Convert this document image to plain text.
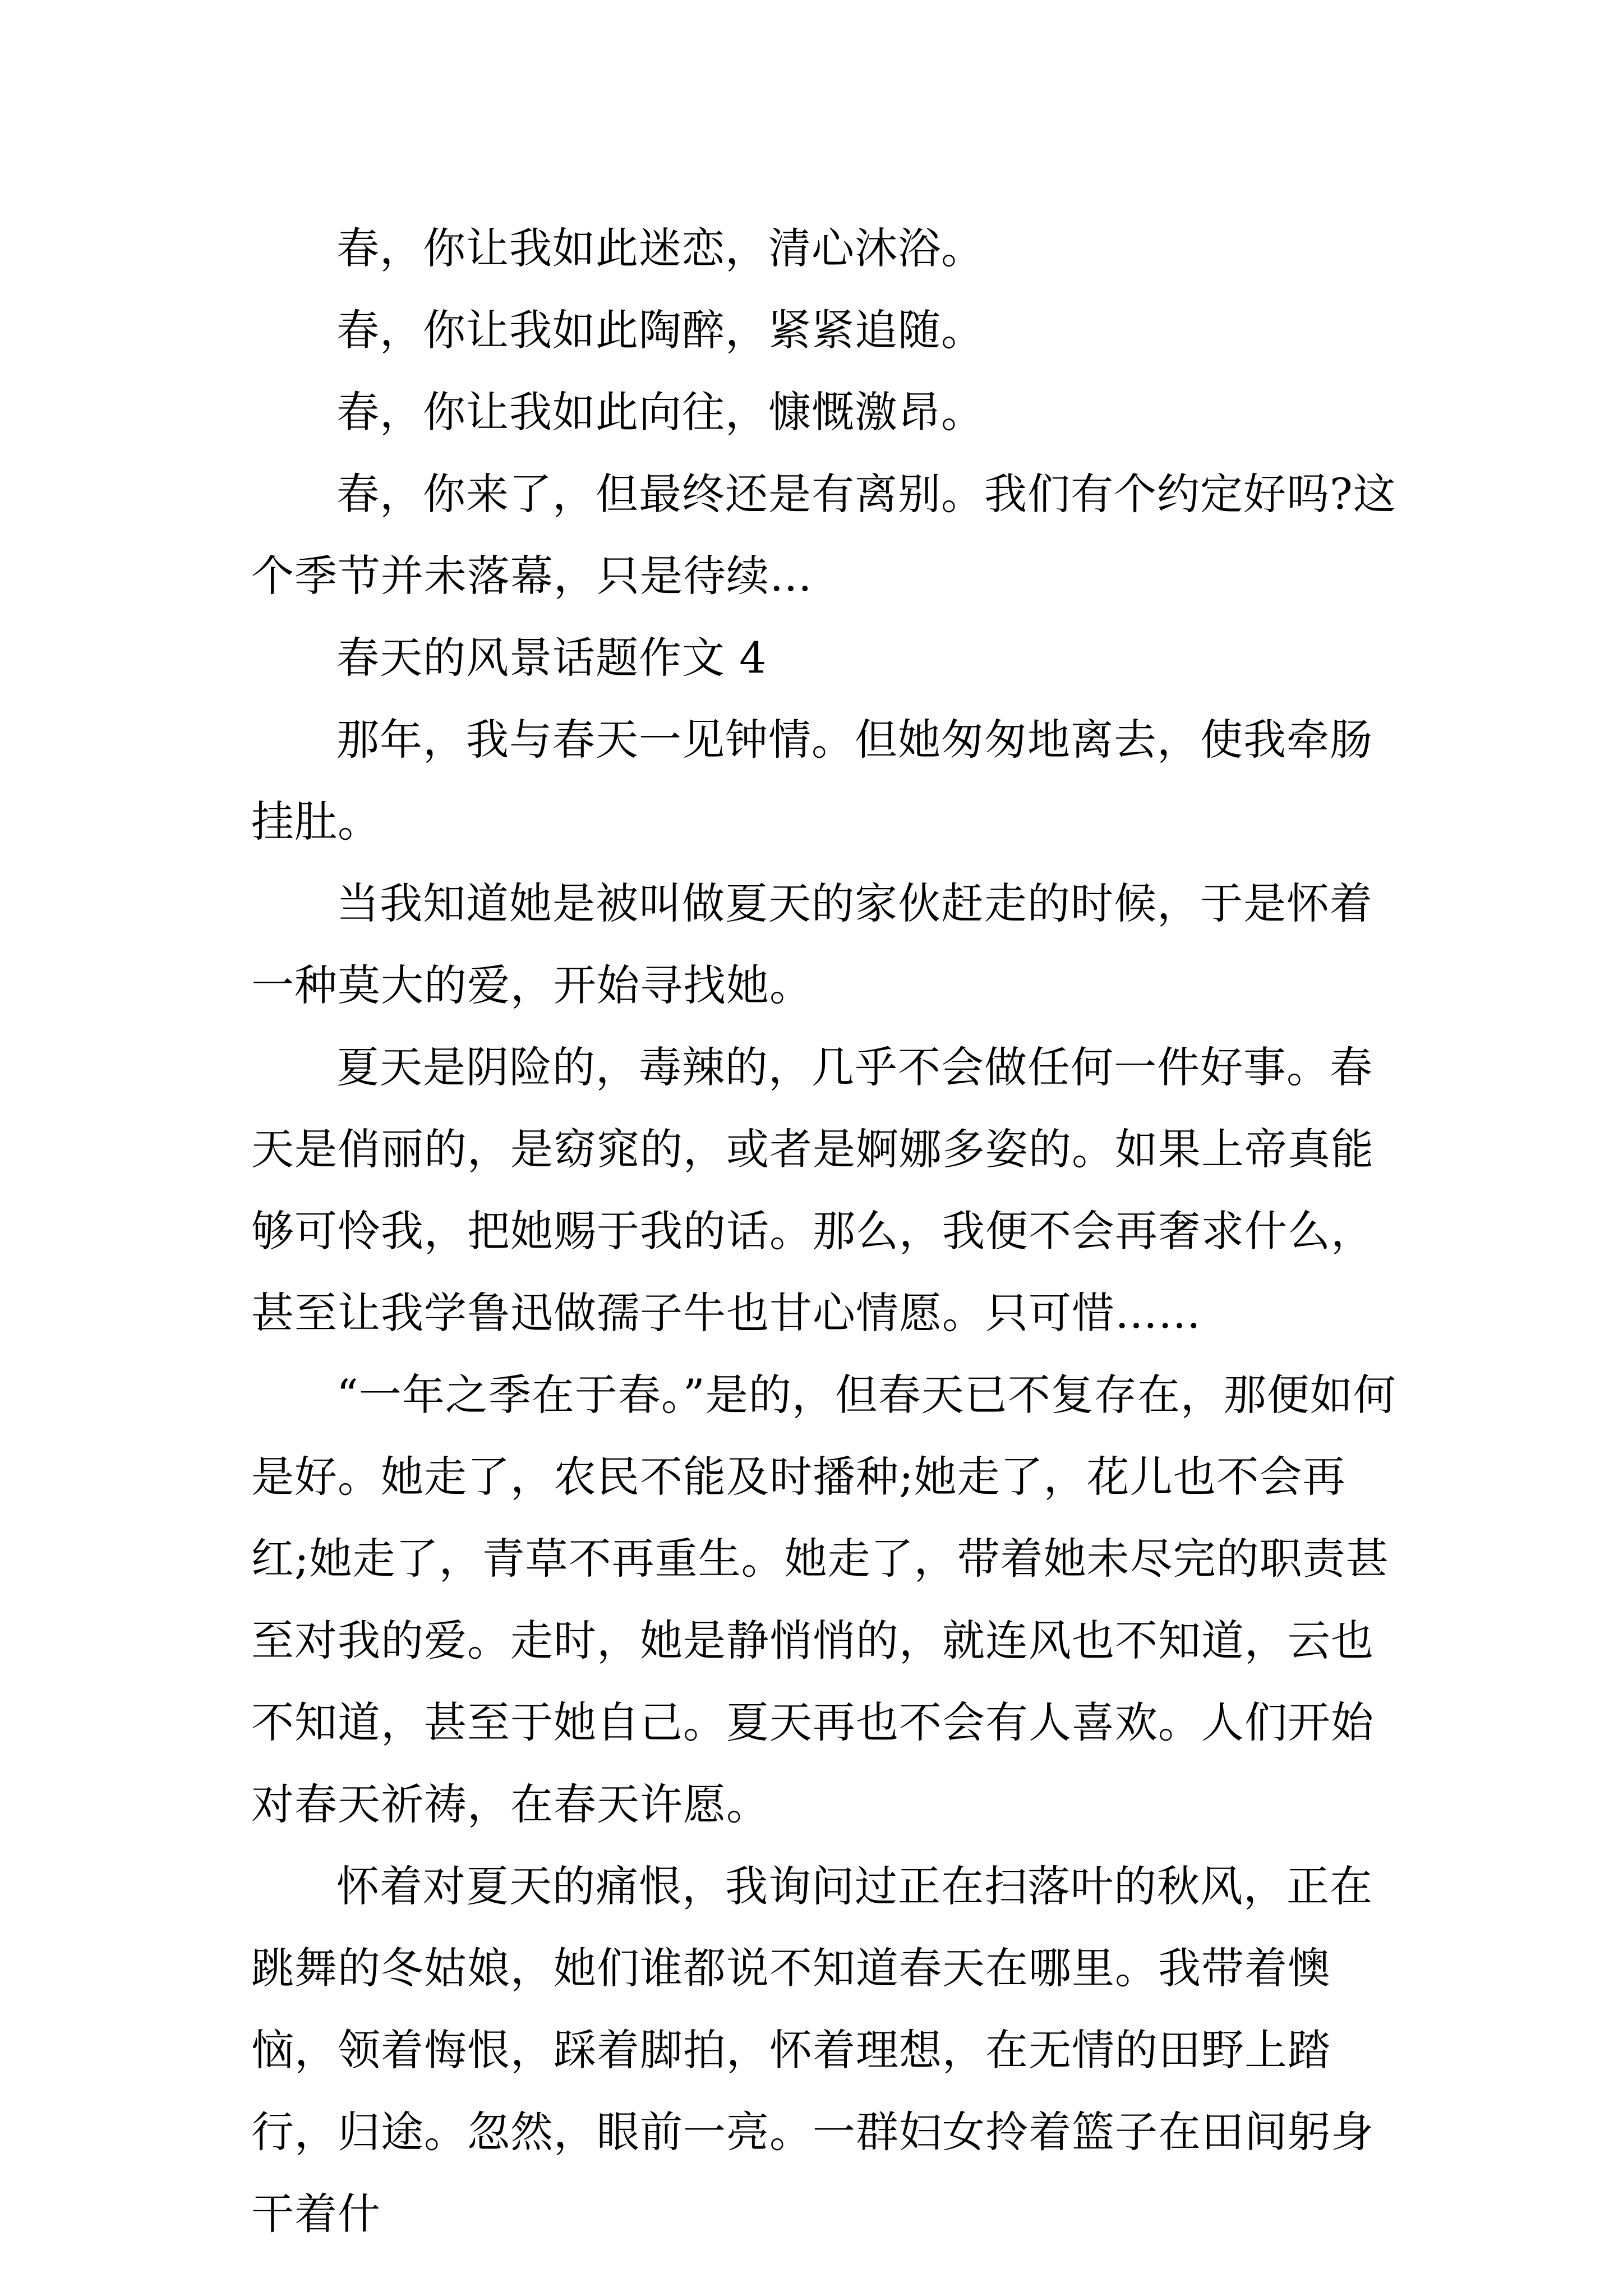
春，你让我如此迷恋，清心沐浴。

春，你让我如此陶醉，紧紧追随。

春，你让我如此向往，慷慨激昂。

春，你来了，但最终还是有离别。我们有个约定好吗?这个季节并未落幕，只是待续…

春天的风景话题作文 4

那年，我与春天一见钟情。但她匆匆地离去，使我牵肠挂肚。

当我知道她是被叫做夏天的家伙赶走的时候，于是怀着一种莫大的爱，开始寻找她。

夏天是阴险的，毒辣的，几乎不会做任何一件好事。春天是俏丽的，是窈窕的，或者是婀娜多姿的。如果上帝真能够可怜我，把她赐于我的话。那么，我便不会再奢求什么，甚至让我学鲁迅做孺子牛也甘心情愿。只可惜……

“一年之季在于春。”是的，但春天已不复存在，那便如何是好。她走了，农民不能及时播种;她走了，花儿也不会再红;她走了，青草不再重生。她走了，带着她未尽完的职责甚至对我的爱。走时，她是静悄悄的，就连风也不知道，云也不知道，甚至于她自己。夏天再也不会有人喜欢。人们开始对春天祈祷，在春天许愿。

怀着对夏天的痛恨，我询问过正在扫落叶的秋风，正在跳舞的冬姑娘，她们谁都说不知道春天在哪里。我带着懊恼，领着悔恨，踩着脚拍，怀着理想，在无情的田野上踏行，归途。忽然，眼前一亮。一群妇女拎着篮子在田间躬身干着什
